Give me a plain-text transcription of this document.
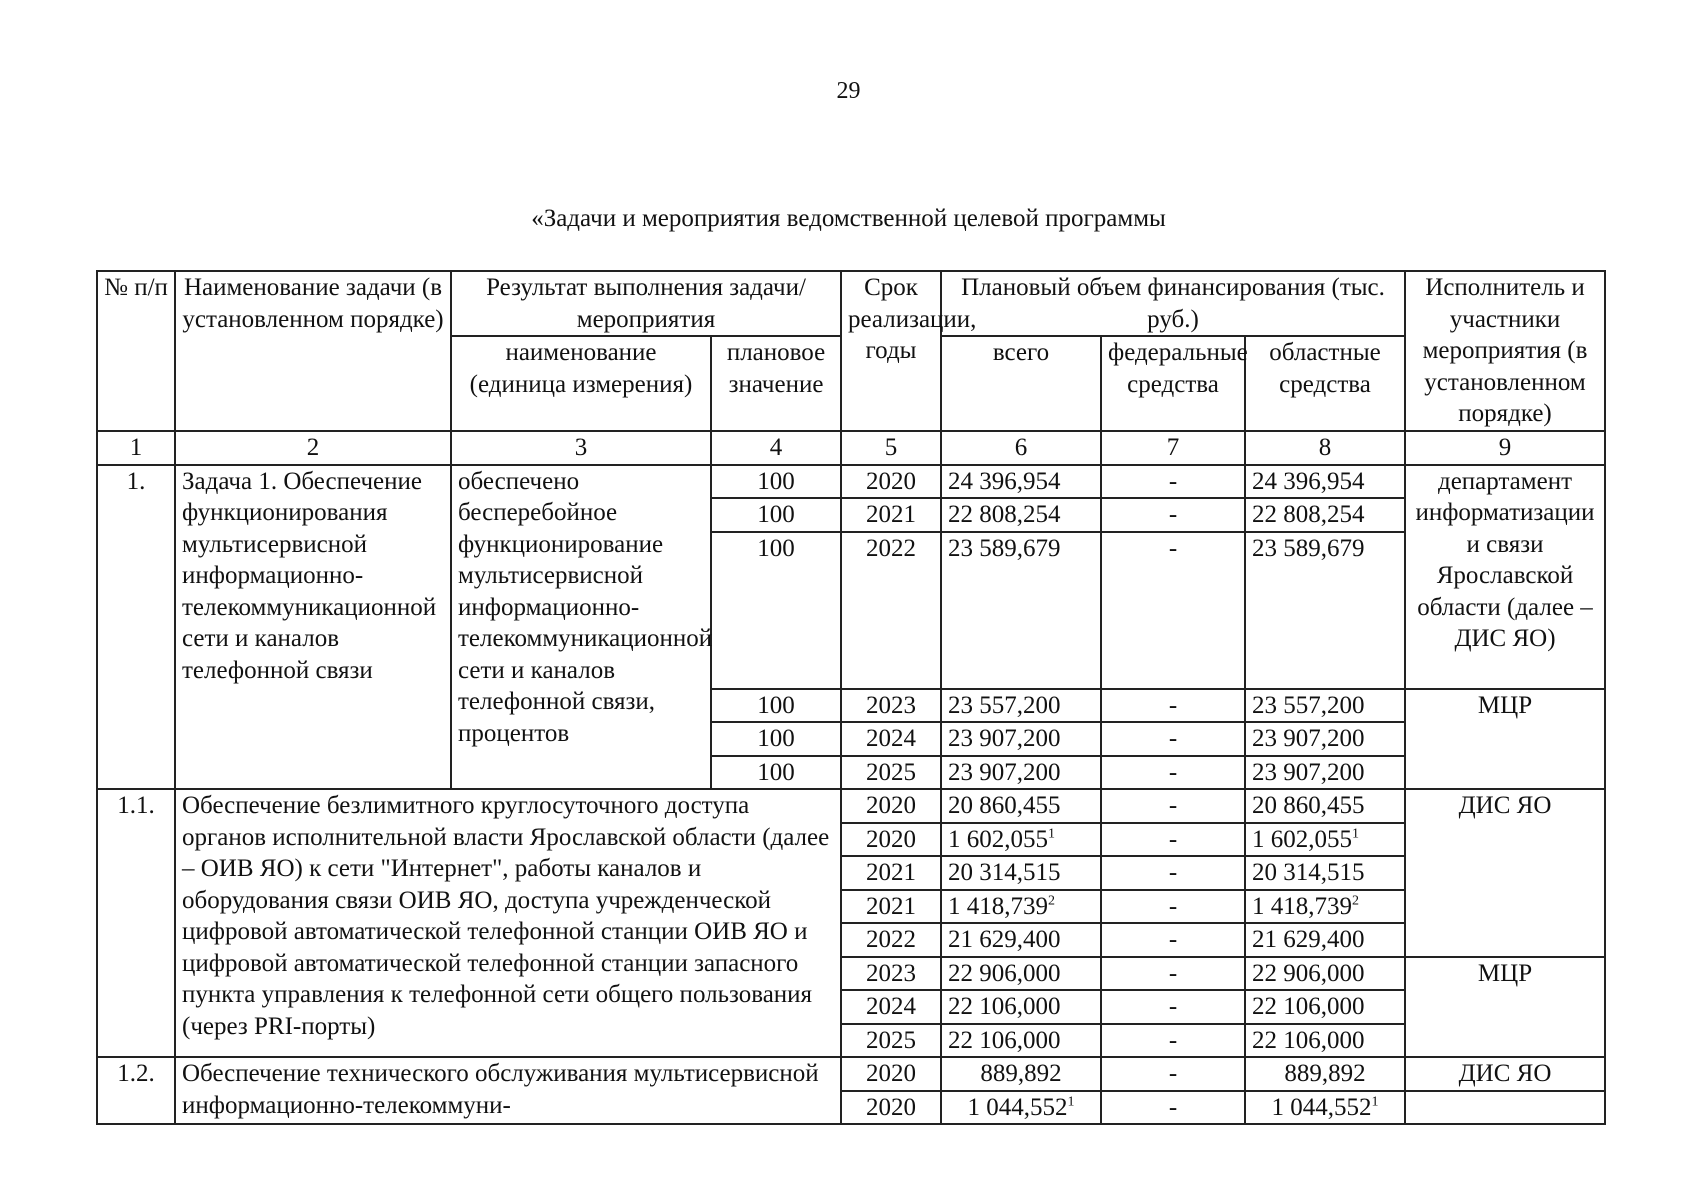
29
«Задачи и мероприятия ведомственной целевой программы
№ п/п	Наименование задачи (в установленном порядке)	Результат выполнения задачи/мероприятия		Срок реализации, годы	Плановый объем финансирования (тыс. руб.)			Исполнитель и участники мероприятия (в установленном порядке)
		наименование (единица измерения)	плановое значение		всего	федеральные средства	областные средства	
1	2	3	4	5	6	7	8	9
1.	Задача 1. Обеспечение функционирования мультисервисной информационно-телекоммуникационной сети и каналов телефонной связи	обеспечено бесперебойное функционирование мультисервисной информационно-телекоммуникационной сети и каналов телефонной связи, процентов	100	2020	24 396,954	-	24 396,954	департамент информатизации и связи Ярославской области (далее – ДИС ЯО)
			100	2021	22 808,254	-	22 808,254	
			100	2022	23 589,679	-	23 589,679	
			100	2023	23 557,200	-	23 557,200	МЦР
			100	2024	23 907,200	-	23 907,200	
			100	2025	23 907,200	-	23 907,200	
1.1.	Обеспечение безлимитного круглосуточного доступа органов исполнительной власти Ярославской области (далее – ОИВ ЯО) к сети "Интернет", работы каналов и оборудования связи ОИВ ЯО, доступа учрежденческой цифровой автоматической телефонной станции ОИВ ЯО и цифровой автоматической телефонной станции запасного пункта управления к телефонной сети общего пользования (через PRI-порты)			2020	20 860,455	-	20 860,455	ДИС ЯО
				2020	1 602,055$^1$	-	1 602,055$^1$
				2021	20 314,515	-	20 314,515	
				2021	1 418,739$^2$	-	1 418,739$^2$
				2022	21 629,400	-	21 629,400	
				2023	22 906,000	-	22 906,000	МЦР
				2024	22 106,000	-	22 106,000	
				2025	22 106,000	-	22 106,000	
1.2.	Обеспечение технического обслуживания мультисервисной информационно-телекоммуни-			2020	889,892	-	889,892	ДИС ЯО
				2020	1 044,552$^1$	-	1 044,552$^1$	
